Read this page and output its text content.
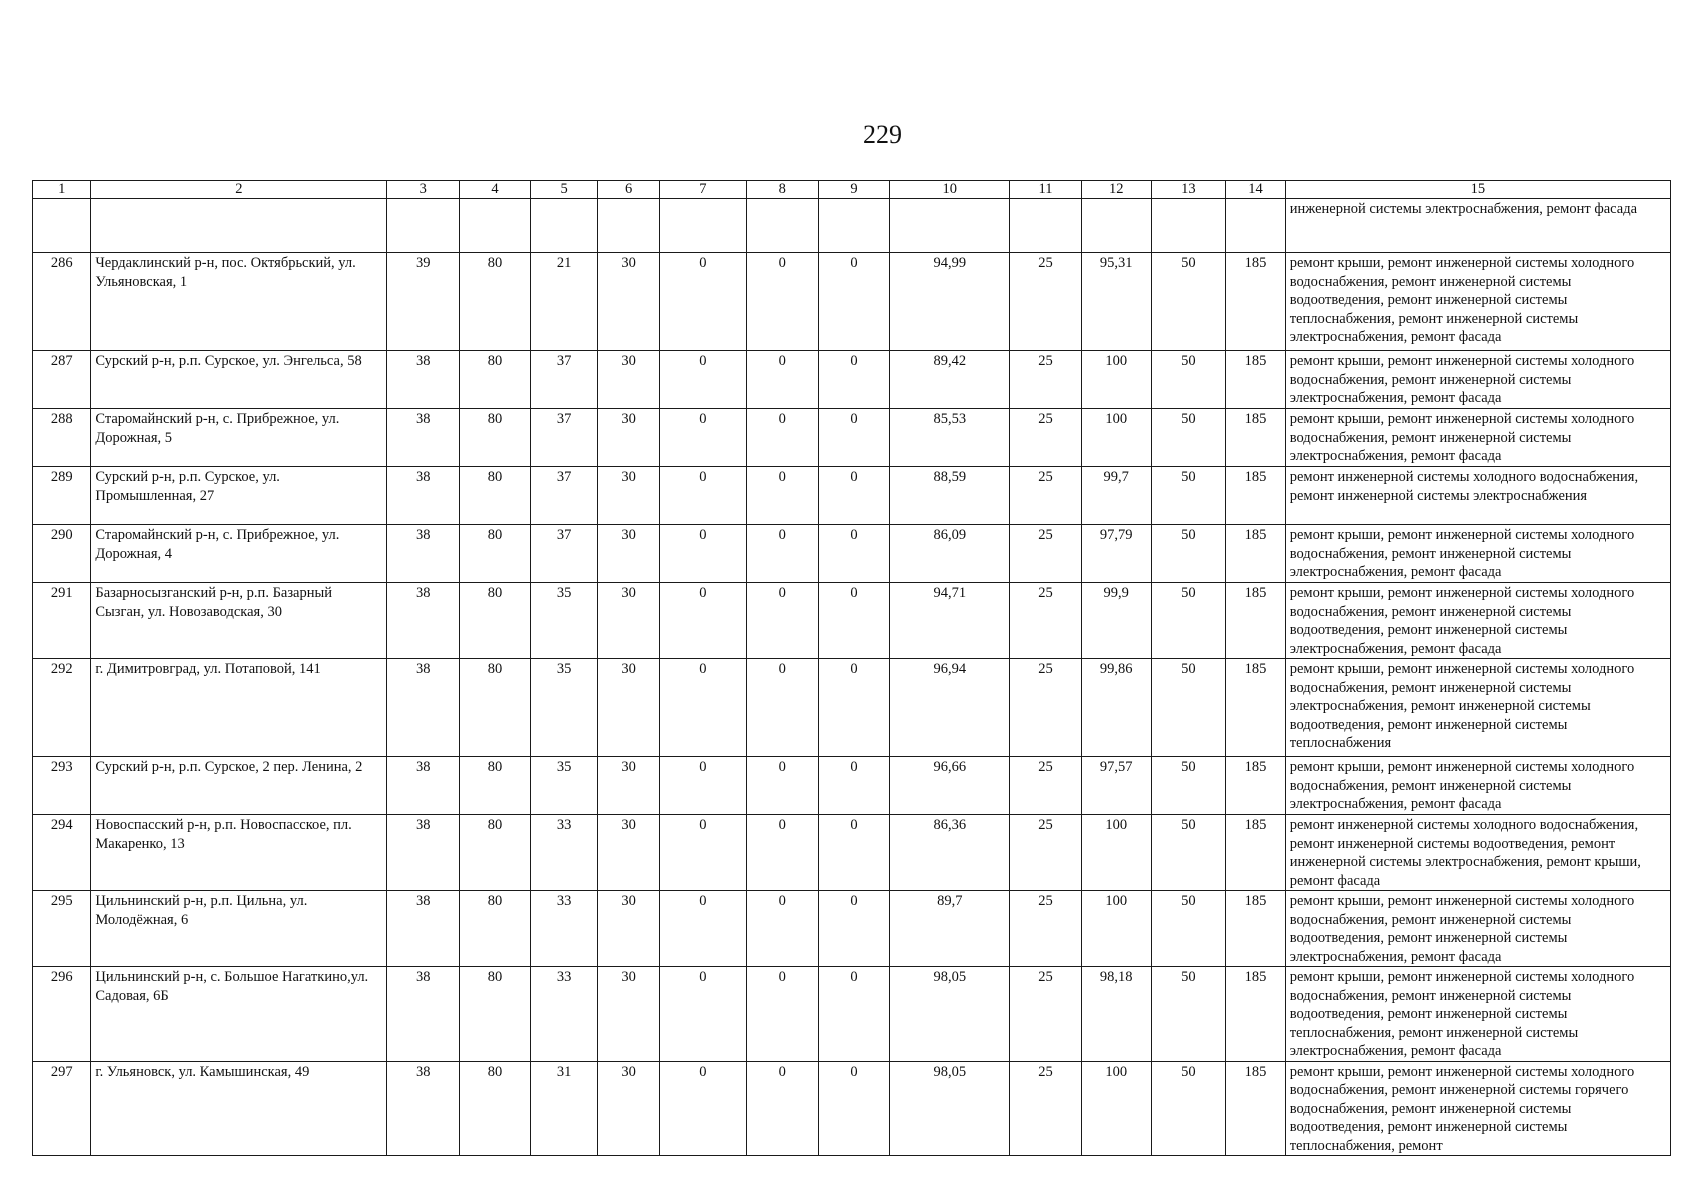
229
1	2	3	4	5	6	7	8	9	10	11	12	13	14	15
														инженерной системы электроснабжения, ремонт фасада
286	Чердаклинский р-н, пос. Октябрьский, ул. Ульяновская, 1	39	80	21	30	0	0	0	94,99	25	95,31	50	185	ремонт крыши, ремонт инженерной системы холодного водоснабжения, ремонт инженерной системы водоотведения, ремонт инженерной системы теплоснабжения, ремонт инженерной системы электроснабжения, ремонт фасада
287	Сурский р-н, р.п. Сурское, ул. Энгельса, 58	38	80	37	30	0	0	0	89,42	25	100	50	185	ремонт крыши, ремонт инженерной системы холодного водоснабжения, ремонт инженерной системы электроснабжения, ремонт фасада
288	Старомайнский р-н, с. Прибрежное, ул. Дорожная, 5	38	80	37	30	0	0	0	85,53	25	100	50	185	ремонт крыши, ремонт инженерной системы холодного водоснабжения, ремонт инженерной системы электроснабжения, ремонт фасада
289	Сурский р-н, р.п. Сурское, ул. Промышленная, 27	38	80	37	30	0	0	0	88,59	25	99,7	50	185	ремонт инженерной системы холодного водоснабжения, ремонт инженерной системы электроснабжения
290	Старомайнский р-н, с. Прибрежное, ул. Дорожная, 4	38	80	37	30	0	0	0	86,09	25	97,79	50	185	ремонт крыши, ремонт инженерной системы холодного водоснабжения, ремонт инженерной системы электроснабжения, ремонт фасада
291	Базарносызганский р-н, р.п. Базарный Сызган, ул. Новозаводская, 30	38	80	35	30	0	0	0	94,71	25	99,9	50	185	ремонт крыши, ремонт инженерной системы холодного водоснабжения, ремонт инженерной системы водоотведения, ремонт инженерной системы электроснабжения, ремонт фасада
292	г. Димитровград, ул. Потаповой, 141	38	80	35	30	0	0	0	96,94	25	99,86	50	185	ремонт крыши, ремонт инженерной системы холодного водоснабжения, ремонт инженерной системы электроснабжения, ремонт инженерной системы водоотведения, ремонт инженерной системы теплоснабжения
293	Сурский р-н, р.п. Сурское, 2 пер. Ленина, 2	38	80	35	30	0	0	0	96,66	25	97,57	50	185	ремонт крыши, ремонт инженерной системы холодного водоснабжения, ремонт инженерной системы электроснабжения, ремонт фасада
294	Новоспасский р-н, р.п. Новоспасское, пл. Макаренко, 13	38	80	33	30	0	0	0	86,36	25	100	50	185	ремонт инженерной системы холодного водоснабжения, ремонт инженерной системы водоотведения, ремонт инженерной системы электроснабжения, ремонт крыши, ремонт фасада
295	Цильнинский р-н, р.п. Цильна, ул. Молодёжная, 6	38	80	33	30	0	0	0	89,7	25	100	50	185	ремонт крыши, ремонт инженерной системы холодного водоснабжения, ремонт инженерной системы водоотведения, ремонт инженерной системы электроснабжения, ремонт фасада
296	Цильнинский р-н, с. Большое Нагаткино,ул. Садовая, 6Б	38	80	33	30	0	0	0	98,05	25	98,18	50	185	ремонт крыши, ремонт инженерной системы холодного водоснабжения, ремонт инженерной системы водоотведения, ремонт инженерной системы теплоснабжения, ремонт инженерной системы электроснабжения, ремонт фасада
297	г. Ульяновск, ул. Камышинская, 49	38	80	31	30	0	0	0	98,05	25	100	50	185	ремонт крыши, ремонт инженерной системы холодного водоснабжения, ремонт инженерной системы горячего водоснабжения, ремонт инженерной системы водоотведения, ремонт инженерной системы теплоснабжения, ремонт
